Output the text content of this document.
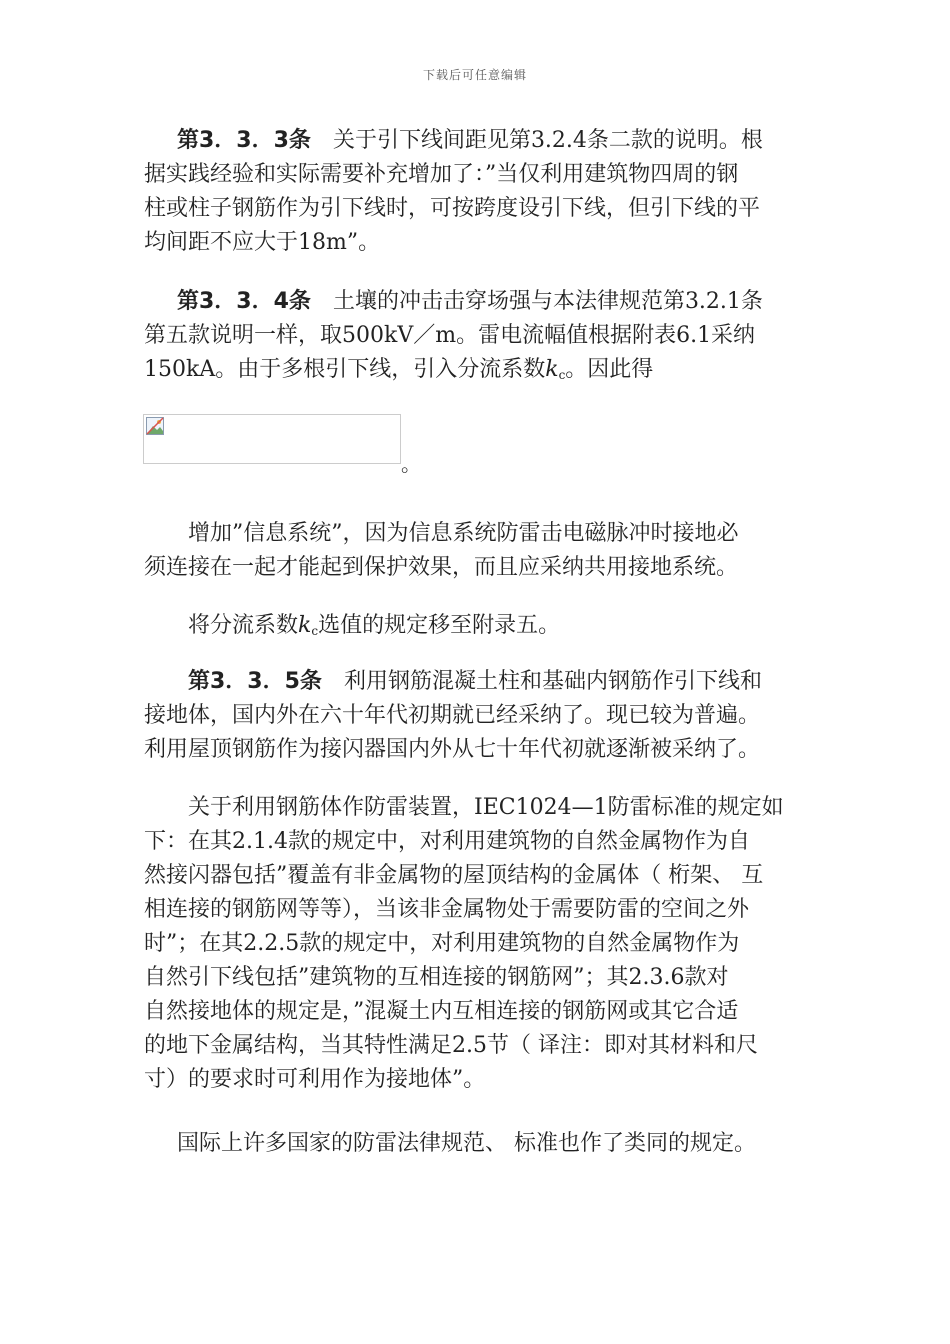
下载后可任意编辑
第3．3．3条　关于引下线间距见第3.2.4条二款的说明。根
据实践经验和实际需要补充增加了：”当仅利用建筑物四周的钢
柱或柱子钢筋作为引下线时，可按跨度设引下线，但引下线的平
均间距不应大于18m”。
第3．3．4条　土壤的冲击击穿场强与本法律规范第3.2.1条
第五款说明一样，取500kV／m。雷电流幅值根据附表6.1采纳
150kA。由于多根引下线，引入分流系数$k_c$。因此得
。
增加”信息系统”，因为信息系统防雷击电磁脉冲时接地必
须连接在一起才能起到保护效果，而且应采纳共用接地系统。
将分流系数$k_c$选值的规定移至附录五。
第3．3．5条　利用钢筋混凝土柱和基础内钢筋作引下线和
接地体，国内外在六十年代初期就已经采纳了。现已较为普遍。
利用屋顶钢筋作为接闪器国内外从七十年代初就逐渐被采纳了。
关于利用钢筋体作防雷装置，IEC1024—1防雷标准的规定如
下：在其2.1.4款的规定中，对利用建筑物的自然金属物作为自
然接闪器包括”覆盖有非金属物的屋顶结构的金属体（ 桁架、 互
相连接的钢筋网等等），当该非金属物处于需要防雷的空间之外
时”；在其2.2.5款的规定中，对利用建筑物的自然金属物作为
自然引下线包括”建筑物的互相连接的钢筋网”；其2.3.6款对
自然接地体的规定是，”混凝土内互相连接的钢筋网或其它合适
的地下金属结构，当其特性满足2.5节（ 译注：即对其材料和尺
寸）的要求时可利用作为接地体”。
国际上许多国家的防雷法律规范、 标准也作了类同的规定。
